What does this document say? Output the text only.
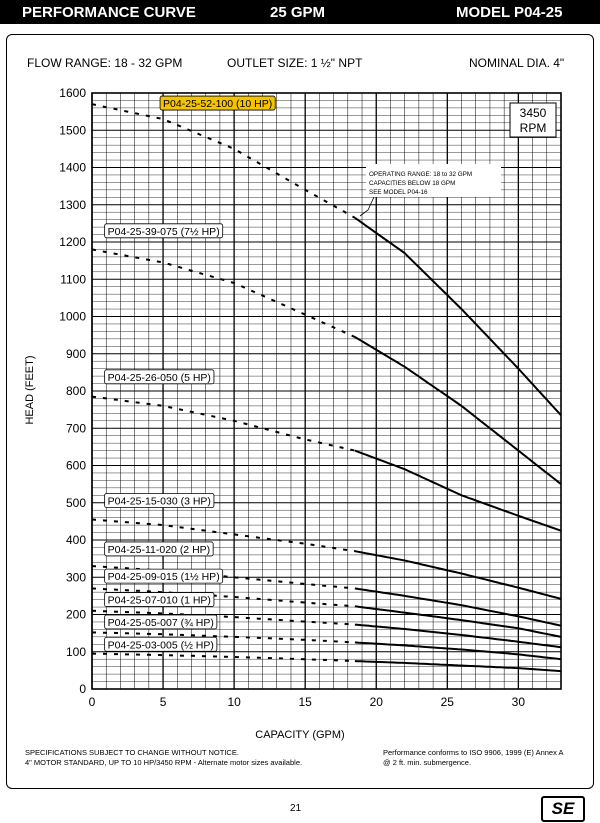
PERFORMANCE CURVE	25 GPM	MODEL P04-25
FLOW RANGE: 18 - 32 GPM	OUTLET SIZE: 1 ½" NPT	NOMINAL DIA. 4"
0	5	10	15	20	25	30
0
100
200
300
400
500
600
700
800
900
1000
1100
1200
1300
1400
1500
1600
P04-25-52-100 (10 HP)
P04-25-39-075 (7½ HP)
P04-25-26-050 (5 HP)
P04-25-15-030 (3 HP)
P04-25-11-020 (2 HP)
P04-25-09-015 (1½ HP)
P04-25-07-010 (1 HP)
P04-25-05-007 (¾ HP)
P04-25-03-005 (½ HP)
3450
RPM
OPERATING RANGE: 18 to 32 GPM
CAPACITIES BELOW 18 GPM
SEE MODEL P04-16
CAPACITY (GPM)
HEAD (FEET)
SPECIFICATIONS SUBJECT TO CHANGE WITHOUT NOTICE.
4" MOTOR STANDARD, UP TO 10 HP/3450 RPM - Alternate motor sizes available.
Performance conforms to ISO 9906, 1999 (E) Annex A
@ 2 ft. min. submergence.
21	SE
